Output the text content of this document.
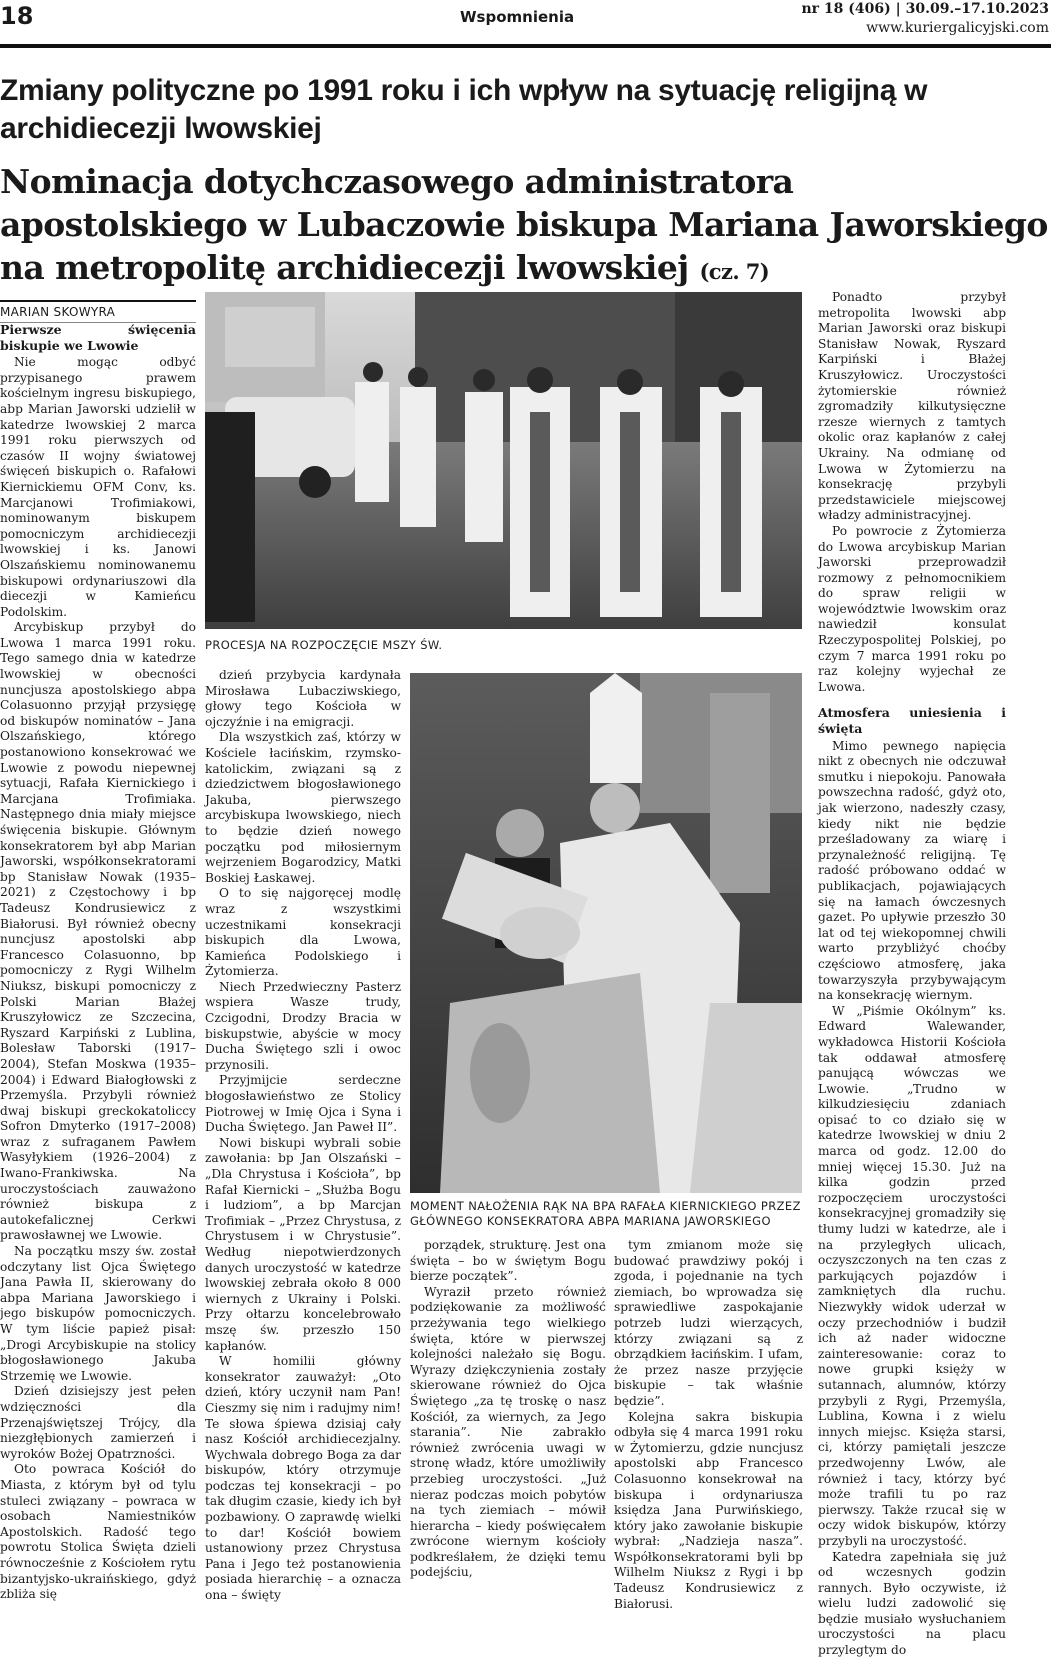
18	Wspomnienia	nr 18 (406) | 30.09.–17.10.2023
www.kuriergalicyjski.com
Zmiany polityczne po 1991 roku i ich wpływ na sytuację religijną w archidiecezji lwowskiej
Nominacja dotychczasowego administratora apostolskiego w Lubaczowie biskupa Mariana Jaworskiego na metropolitę archidiecezji lwowskiej (cz. 7)
MARIAN SKOWYRA
Pierwsze święcenia biskupie we Lwowie

Nie mogąc odbyć przypisanego prawem kościelnym ingresu biskupiego, abp Marian Jaworski udzielił w katedrze lwowskiej 2 marca 1991 roku pierwszych od czasów II wojny światowej święceń biskupich o. Rafałowi Kiernickiemu OFM Conv, ks. Marcjanowi Trofimiakowi, nominowanym biskupem pomocniczym archidiecezji lwowskiej i ks. Janowi Olszańskiemu nominowanemu biskupowi ordynariuszowi dla diecezji w Kamieńcu Podolskim.

Arcybiskup przybył do Lwowa 1 marca 1991 roku. Tego samego dnia w katedrze lwowskiej w obecności nuncjusza apostolskiego abpa Colasuonno przyjął przysięgę od biskupów nominatów – Jana Olszańskiego, którego postanowiono konsekrować we Lwowie z powodu niepewnej sytuacji, Rafała Kiernickiego i Marcjana Trofimiaka. Następnego dnia miały miejsce święcenia biskupie. Głównym konsekratorem był abp Marian Jaworski, współkonsekratorami bp Stanisław Nowak (1935–2021) z Częstochowy i bp Tadeusz Kondrusiewicz z Białorusi. Był również obecny nuncjusz apostolski abp Francesco Colasuonno, bp pomocniczy z Rygi Wilhelm Niuksz, biskupi pomocniczy z Polski Marian Błażej Kruszyłowicz ze Szczecina, Ryszard Karpiński z Lublina, Bolesław Taborski (1917–2004), Stefan Moskwa (1935–2004) i Edward Białogłowski z Przemyśla. Przybyli również dwaj biskupi greckokatoliccy Sofron Dmyterko (1917–2008) wraz z sufraganem Pawłem Wasyłykiem (1926–2004) z Iwano-Frankiwska. Na uroczystościach zauważono również biskupa z autokefalicznej Cerkwi prawosławnej we Lwowie.

Na początku mszy św. został odczytany list Ojca Świętego Jana Pawła II, skierowany do abpa Mariana Jaworskiego i jego biskupów pomocniczych. W tym liście papież pisał: „Drogi Arcybiskupie na stolicy błogosławionego Jakuba Strzemię we Lwowie.

Dzień dzisiejszy jest pełen wdzięczności dla Przenajświętszej Trójcy, dla niezgłębionych zamierzeń i wyroków Bożej Opatrzności.

Oto powraca Kościół do Miasta, z którym był od tylu stuleci związany – powraca w osobach Namiestników Apostolskich. Radość tego powrotu Stolica Święta dzieli równocześnie z Kościołem rytu bizantyjsko-ukraińskiego, gdyż zbliża się

dzień przybycia kardynała Mirosława Lubacziwskiego, głowy tego Kościoła w ojczyźnie i na emigracji.

Dla wszystkich zaś, którzy w Kościele łacińskim, rzymsko-katolickim, związani są z dziedzictwem błogosławionego Jakuba, pierwszego arcybiskupa lwowskiego, niech to będzie dzień nowego początku pod miłosiernym wejrzeniem Bogarodzicy, Matki Boskiej Łaskawej.

O to się najgoręcej modlę wraz z wszystkimi uczestnikami konsekracji biskupich dla Lwowa, Kamieńca Podolskiego i Żytomierza.

Niech Przedwieczny Pasterz wspiera Wasze trudy, Czcigodni, Drodzy Bracia w biskupstwie, abyście w mocy Ducha Świętego szli i owoc przynosili.

Przyjmijcie serdeczne błogosławieństwo ze Stolicy Piotrowej w Imię Ojca i Syna i Ducha Świętego. Jan Paweł II”.

Nowi biskupi wybrali sobie zawołania: bp Jan Olszański – „Dla Chrystusa i Kościoła”, bp Rafał Kiernicki – „Służba Bogu i ludziom”, a bp Marcjan Trofimiak – „Przez Chrystusa, z Chrystusem i w Chrystusie”. Według niepotwierdzonych danych uroczystość w katedrze lwowskiej zebrała około 8 000 wiernych z Ukrainy i Polski. Przy ołtarzu koncelebrowało mszę św. przeszło 150 kapłanów.

W homilii główny konsekrator zauważył: „Oto dzień, który uczynił nam Pan! Cieszmy się nim i radujmy nim! Te słowa śpiewa dzisiaj cały nasz Kościół archidiecezjalny. Wychwala dobrego Boga za dar biskupów, który otrzymuje podczas tej konsekracji – po tak długim czasie, kiedy ich był pozbawiony. O zaprawdę wielki to dar! Kościół bowiem ustanowiony przez Chrystusa Pana i Jego też postanowienia posiada hierarchię – a oznacza ona – święty

porządek, strukturę. Jest ona święta – bo w świętym Bogu bierze początek”.

Wyraził przeto również podziękowanie za możliwość przeżywania tego wielkiego święta, które w pierwszej kolejności należało się Bogu. Wyrazy dziękczynienia zostały skierowane również do Ojca Świętego „za tę troskę o nasz Kościół, za wiernych, za Jego starania”. Nie zabrakło również zwrócenia uwagi w stronę władz, które umożliwiły przebieg uroczystości. „Już nieraz podczas moich pobytów na tych ziemiach – mówił hierarcha – kiedy poświęcałem zwrócone wiernym kościoły podkreślałem, że dzięki temu podejściu,

tym zmianom może się budować prawdziwy pokój i zgoda, i pojednanie na tych ziemiach, bo wprowadza się sprawiedliwe zaspokajanie potrzeb ludzi wierzących, którzy związani są z obrządkiem łacińskim. I ufam, że przez nasze przyjęcie biskupie – tak właśnie będzie”.

Kolejna sakra biskupia odbyła się 4 marca 1991 roku w Żytomierzu, gdzie nuncjusz apostolski abp Francesco Colasuonno konsekrował na biskupa i ordynariusza księdza Jana Purwińskiego, który jako zawołanie biskupie wybrał: „Nadzieja nasza”. Współkonsekratorami byli bp Wilhelm Niuksz z Rygi i bp Tadeusz Kondrusiewicz z Białorusi.

Ponadto przybył metropolita lwowski abp Marian Jaworski oraz biskupi Stanisław Nowak, Ryszard Karpiński i Błażej Kruszyłowicz. Uroczystości żytomierskie również zgromadziły kilkutysięczne rzesze wiernych z tamtych okolic oraz kapłanów z całej Ukrainy. Na odmianę od Lwowa w Żytomierzu na konsekrację przybyli przedstawiciele miejscowej władzy administracyjnej.

Po powrocie z Żytomierza do Lwowa arcybiskup Marian Jaworski przeprowadził rozmowy z pełnomocnikiem do spraw religii w województwie lwowskim oraz nawiedził konsulat Rzeczypospolitej Polskiej, po czym 7 marca 1991 roku po raz kolejny wyjechał ze Lwowa.

Atmosfera uniesienia i święta

Mimo pewnego napięcia nikt z obecnych nie odczuwał smutku i niepokoju. Panowała powszechna radość, gdyż oto, jak wierzono, nadeszły czasy, kiedy nikt nie będzie prześladowany za wiarę i przynależność religijną. Tę radość próbowano oddać w publikacjach, pojawiających się na łamach ówczesnych gazet. Po upływie przeszło 30 lat od tej wiekopomnej chwili warto przybliżyć choćby częściowo atmosferę, jaka towarzyszyła przybywającym na konsekrację wiernym.

W „Piśmie Okólnym” ks. Edward Walewander, wykładowca Historii Kościoła tak oddawał atmosferę panującą wówczas we Lwowie. „Trudno w kilkudziesięciu zdaniach opisać to co działo się w katedrze lwowskiej w dniu 2 marca od godz. 12.00 do mniej więcej 15.30. Już na kilka godzin przed rozpoczęciem uroczystości konsekracyjnej gromadziły się tłumy ludzi w katedrze, ale i na przyległych ulicach, oczyszczonych na ten czas z parkujących pojazdów i zamkniętych dla ruchu. Niezwykły widok uderzał w oczy przechodniów i budził ich aż nader widoczne zainteresowanie: coraz to nowe grupki księży w sutannach, alumnów, którzy przybyli z Rygi, Przemyśla, Lublina, Kowna i z wielu innych miejsc. Księża starsi, ci, którzy pamiętali jeszcze przedwojenny Lwów, ale również i tacy, którzy być może trafili tu po raz pierwszy. Także rzucał się w oczy widok biskupów, którzy przybyli na uroczystość.

Katedra zapełniała się już od wczesnych godzin rannych. Było oczywiste, iż wielu ludzi zadowolić się będzie musiało wysłuchaniem uroczystości na placu przylegtym do

PROCESJA NA ROZPOCZĘCIE MSZY ŚW.
MOMENT NAŁOŻENIA RĄK NA BPA RAFAŁA KIERNICKIEGO PRZEZ
GŁÓWNEGO KONSEKRATORA ABPA MARIANA JAWORSKIEGO
